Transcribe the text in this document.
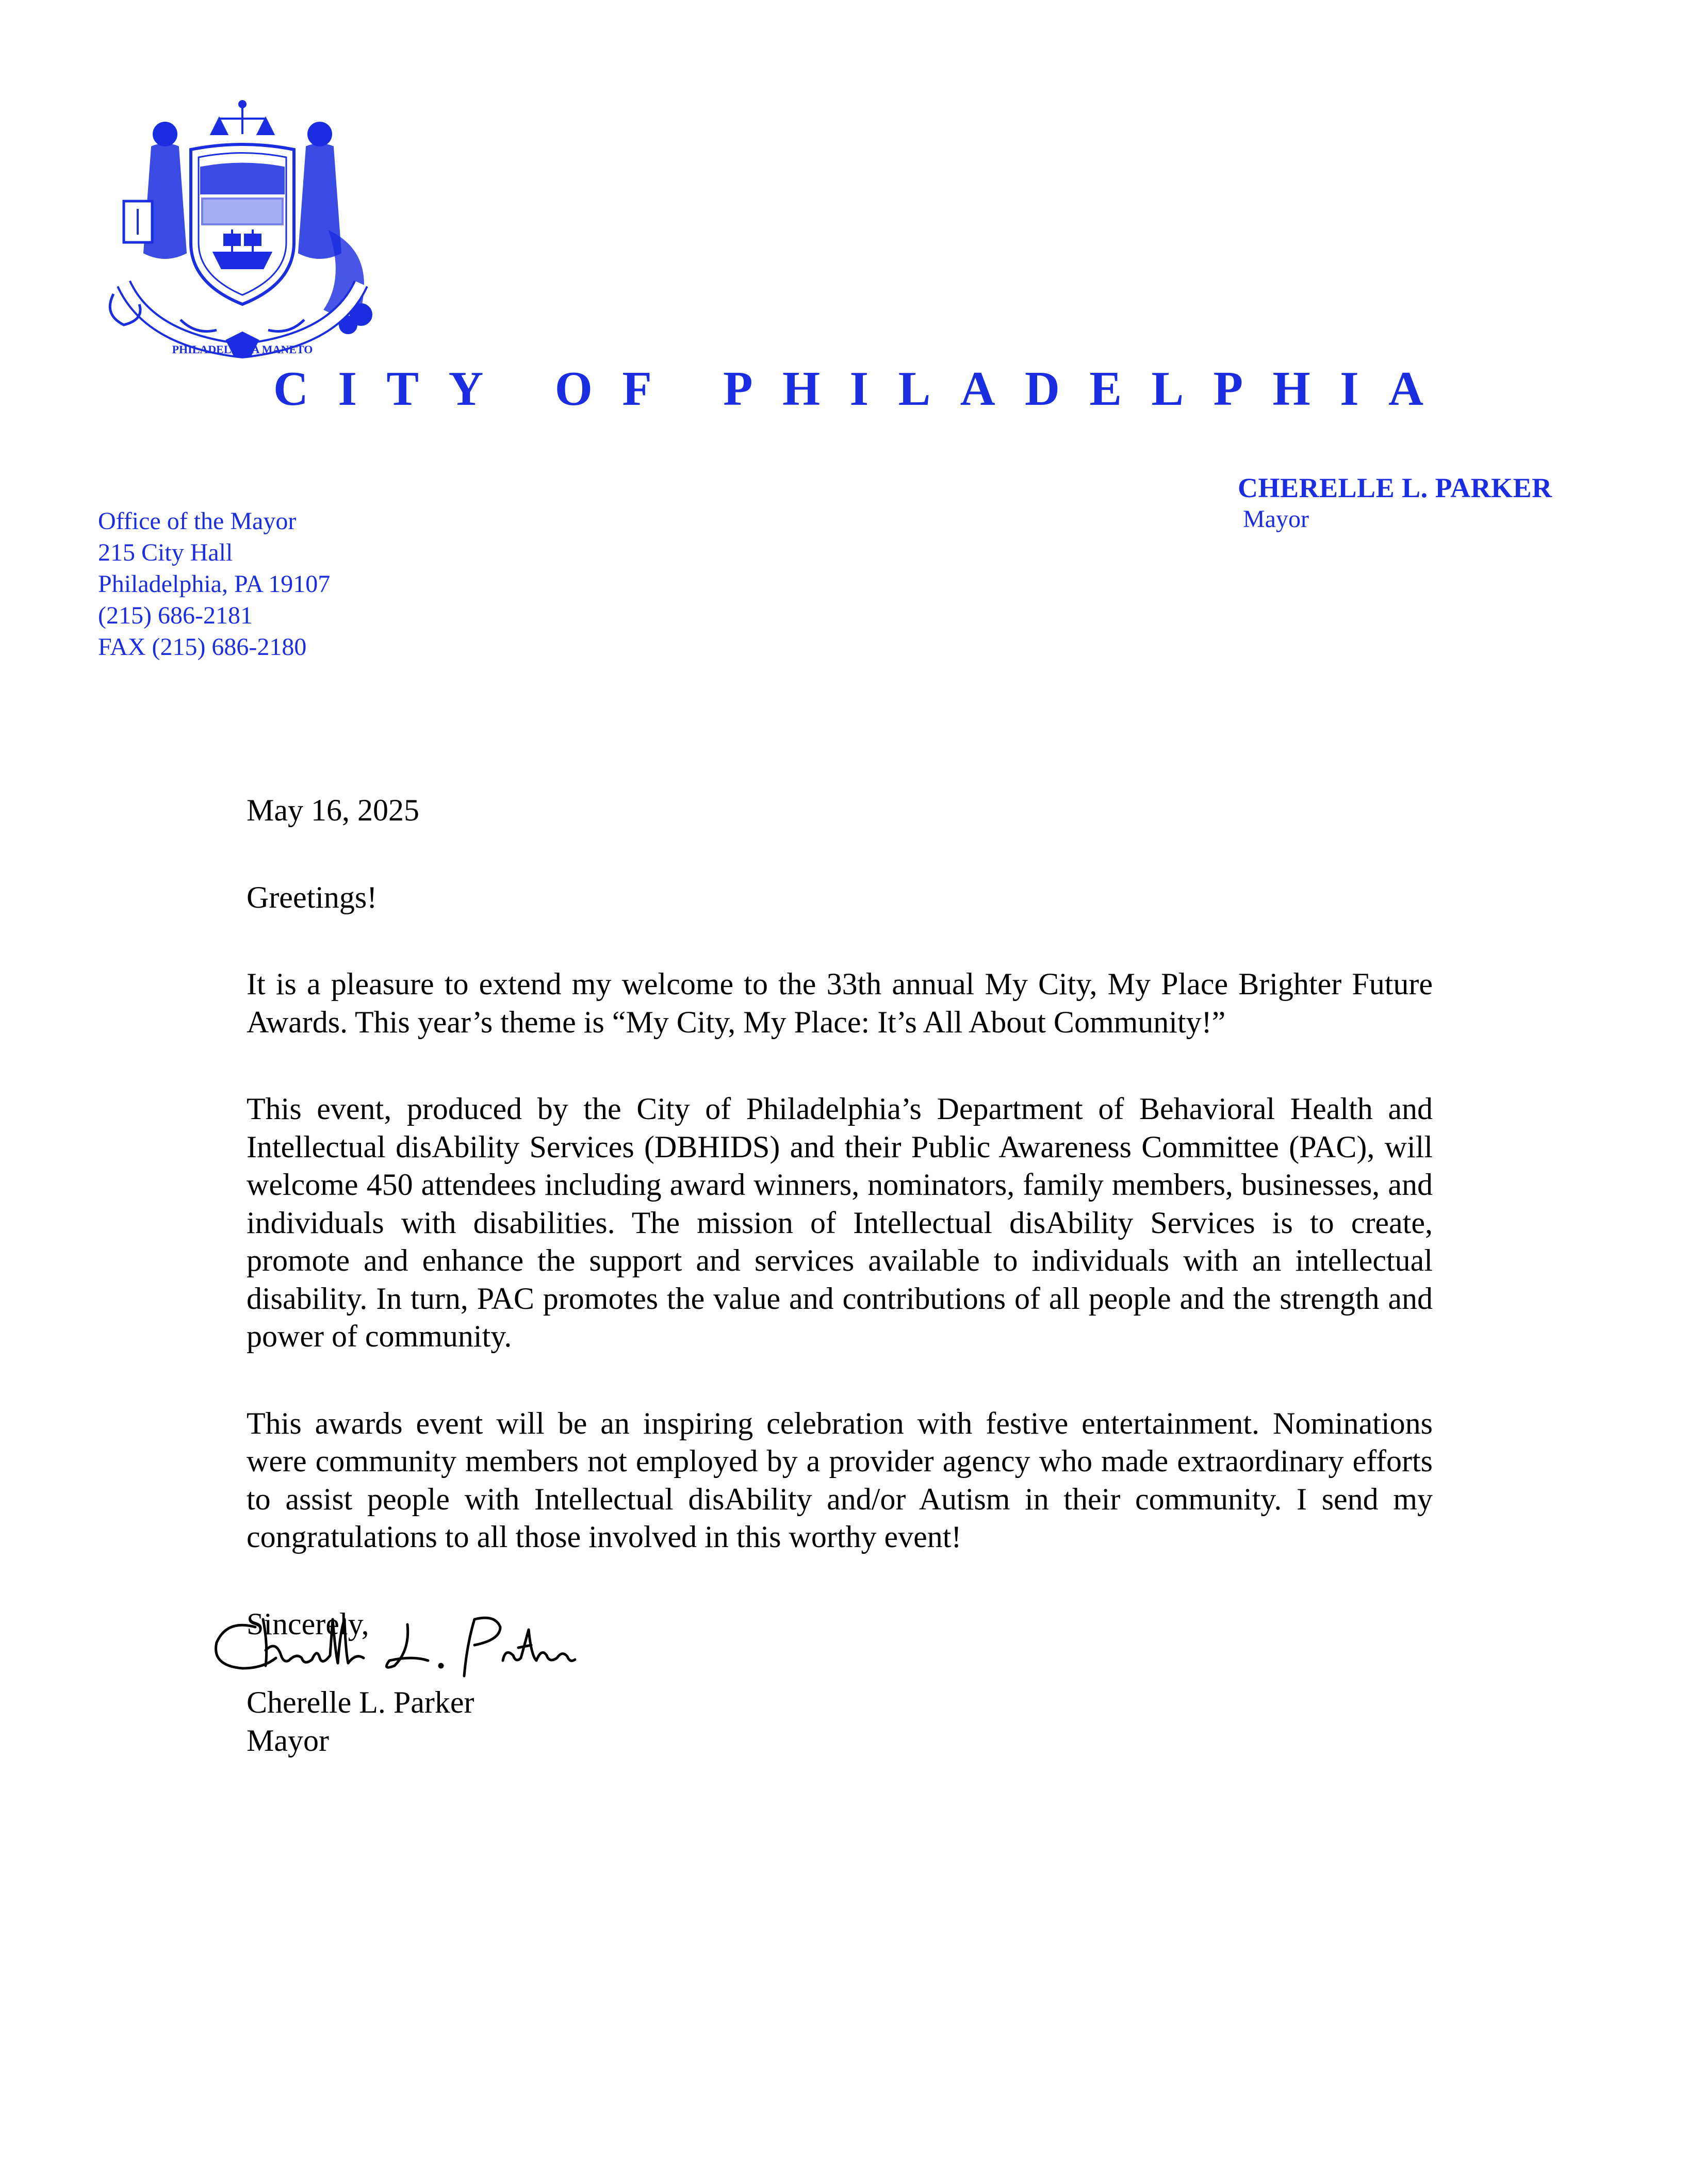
PHILADELPHIA MANETO
C I T Y
O F
P H I L A D E L P H I A
CHERELLE L. PARKER
Mayor
Office of the Mayor
215 City Hall
Philadelphia, PA 19107
(215) 686-2181
FAX (215) 686-2180

May 16, 2025

Greetings!

It is a pleasure to extend my welcome to the 33th annual My City, My Place Brighter Future Awards. This year’s theme is “My City, My Place: It’s All About Community!”

This event, produced by the City of Philadelphia’s Department of Behavioral Health and Intellectual disAbility Services (DBHIDS) and their Public Awareness Committee (PAC), will welcome 450 attendees including award winners, nominators, family members, businesses, and individuals with disabilities. The mission of Intellectual disAbility Services is to create, promote and enhance the support and services available to individuals with an intellectual disability. In turn, PAC promotes the value and contributions of all people and the strength and power of community.

This awards event will be an inspiring celebration with festive entertainment. Nominations were community members not employed by a provider agency who made extraordinary efforts to assist people with Intellectual disAbility and/or Autism in their community. I send my congratulations to all those involved in this worthy event!

Sincerely,

Cherelle L. Parker
Cherelle L. Parker
Mayor
